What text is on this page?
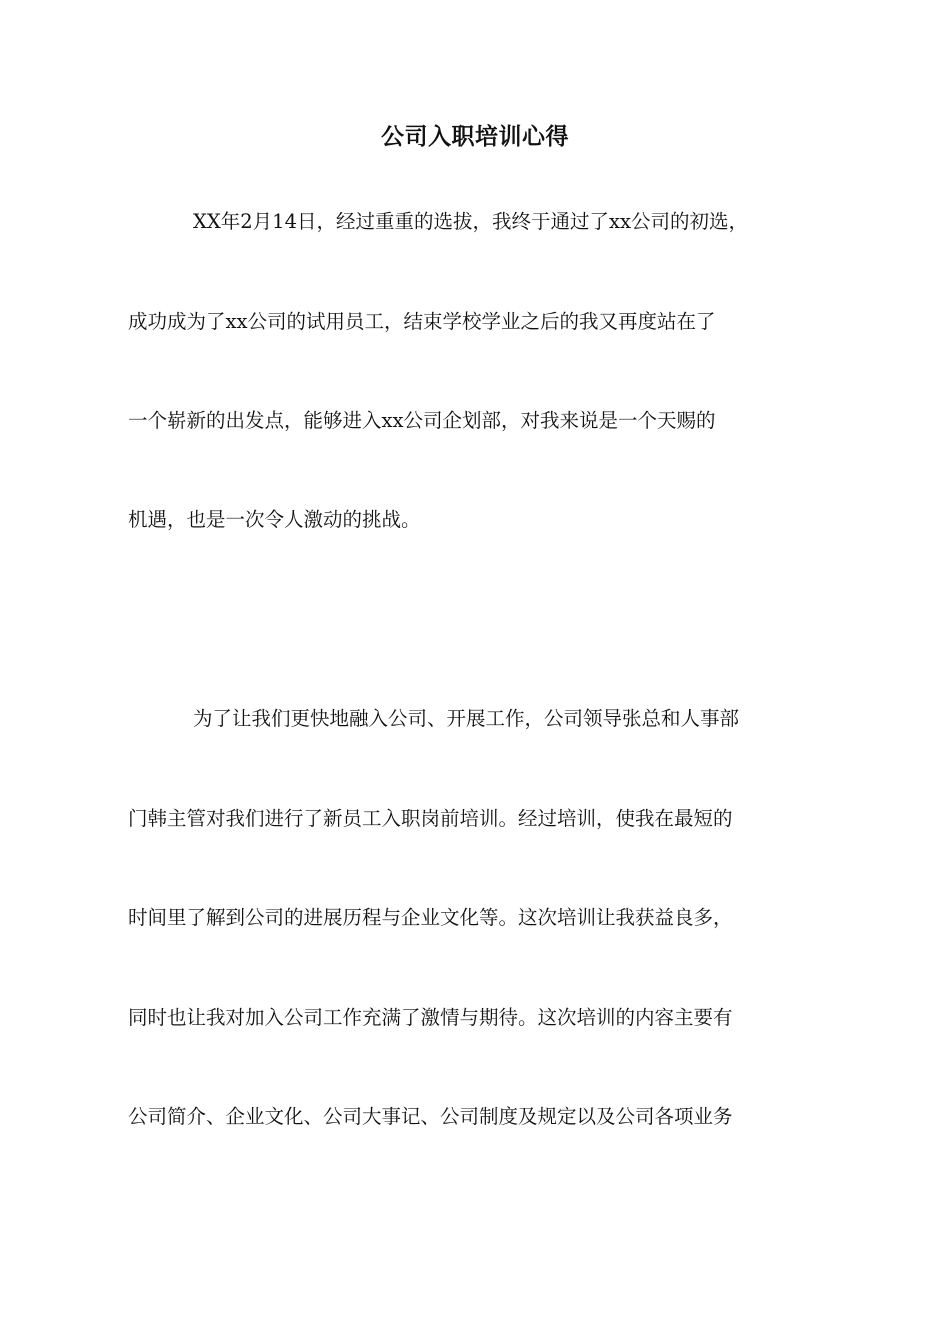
公司入职培训心得

XX年2月14日，经过重重的选拔，我终于通过了xx公司的初选，

成功成为了xx公司的试用员工，结束学校学业之后的我又再度站在了

一个崭新的出发点，能够进入xx公司企划部，对我来说是一个天赐的

机遇，也是一次令人激动的挑战。

为了让我们更快地融入公司、开展工作，公司领导张总和人事部

门韩主管对我们进行了新员工入职岗前培训。经过培训，使我在最短的

时间里了解到公司的进展历程与企业文化等。这次培训让我获益良多，

同时也让我对加入公司工作充满了激情与期待。这次培训的内容主要有

公司简介、企业文化、公司大事记、公司制度及规定以及公司各项业务
